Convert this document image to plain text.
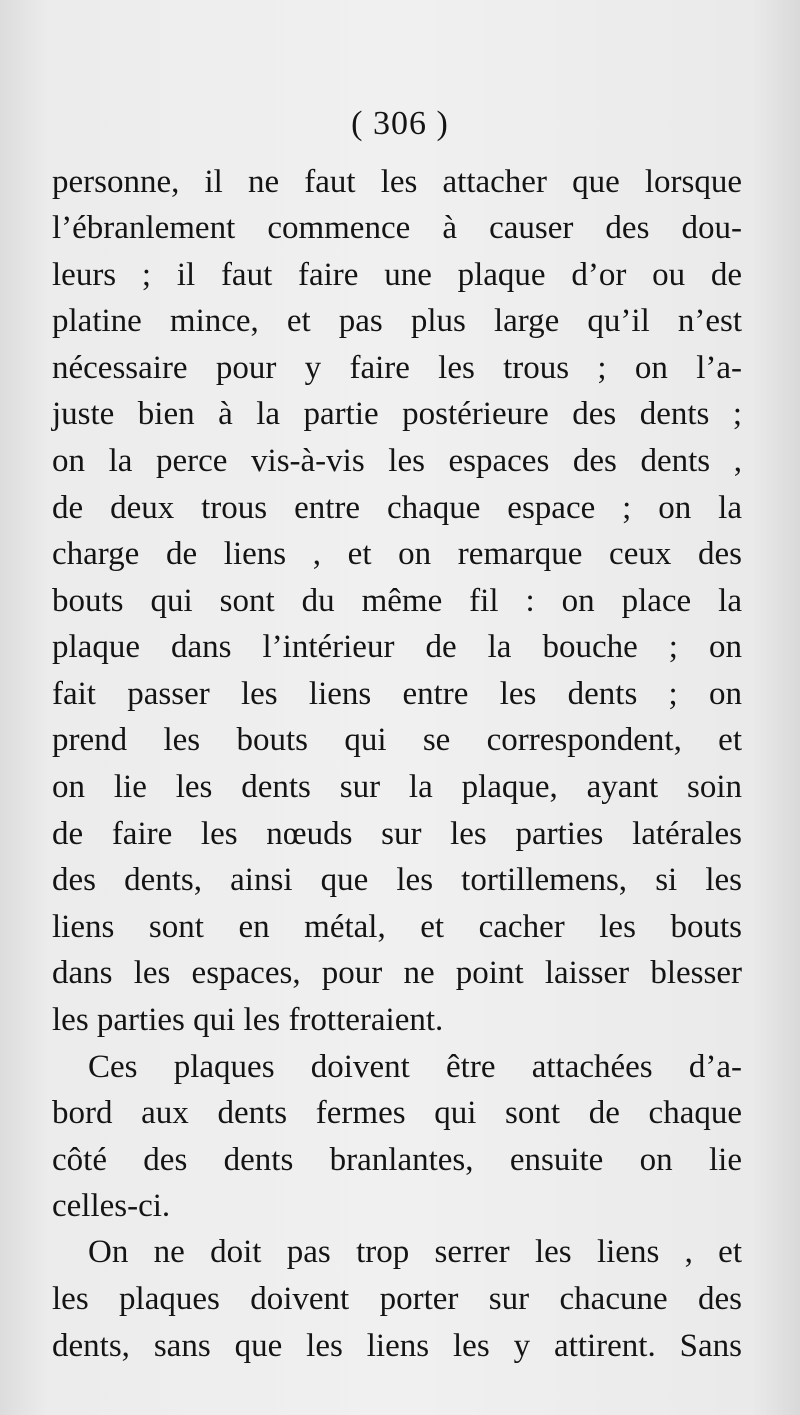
( 306 )
personne, il ne faut les attacher que lorsque
l’ébranlement commence à causer des dou-
leurs ; il faut faire une plaque d’or ou de
platine mince, et pas plus large qu’il n’est
nécessaire pour y faire les trous ; on l’a-
juste bien à la partie postérieure des dents ;
on la perce vis-à-vis les espaces des dents ,
de deux trous entre chaque espace ; on la
charge de liens , et on remarque ceux des
bouts qui sont du même fil : on place la
plaque dans l’intérieur de la bouche ; on
fait passer les liens entre les dents ; on
prend les bouts qui se correspondent, et
on lie les dents sur la plaque, ayant soin
de faire les nœuds sur les parties latérales
des dents, ainsi que les tortillemens, si les
liens sont en métal, et cacher les bouts
dans les espaces, pour ne point laisser blesser
les parties qui les frotteraient.
Ces plaques doivent être attachées d’a-
bord aux dents fermes qui sont de chaque
côté des dents branlantes, ensuite on lie
celles-ci.
On ne doit pas trop serrer les liens , et
les plaques doivent porter sur chacune des
dents, sans que les liens les y attirent. Sans
